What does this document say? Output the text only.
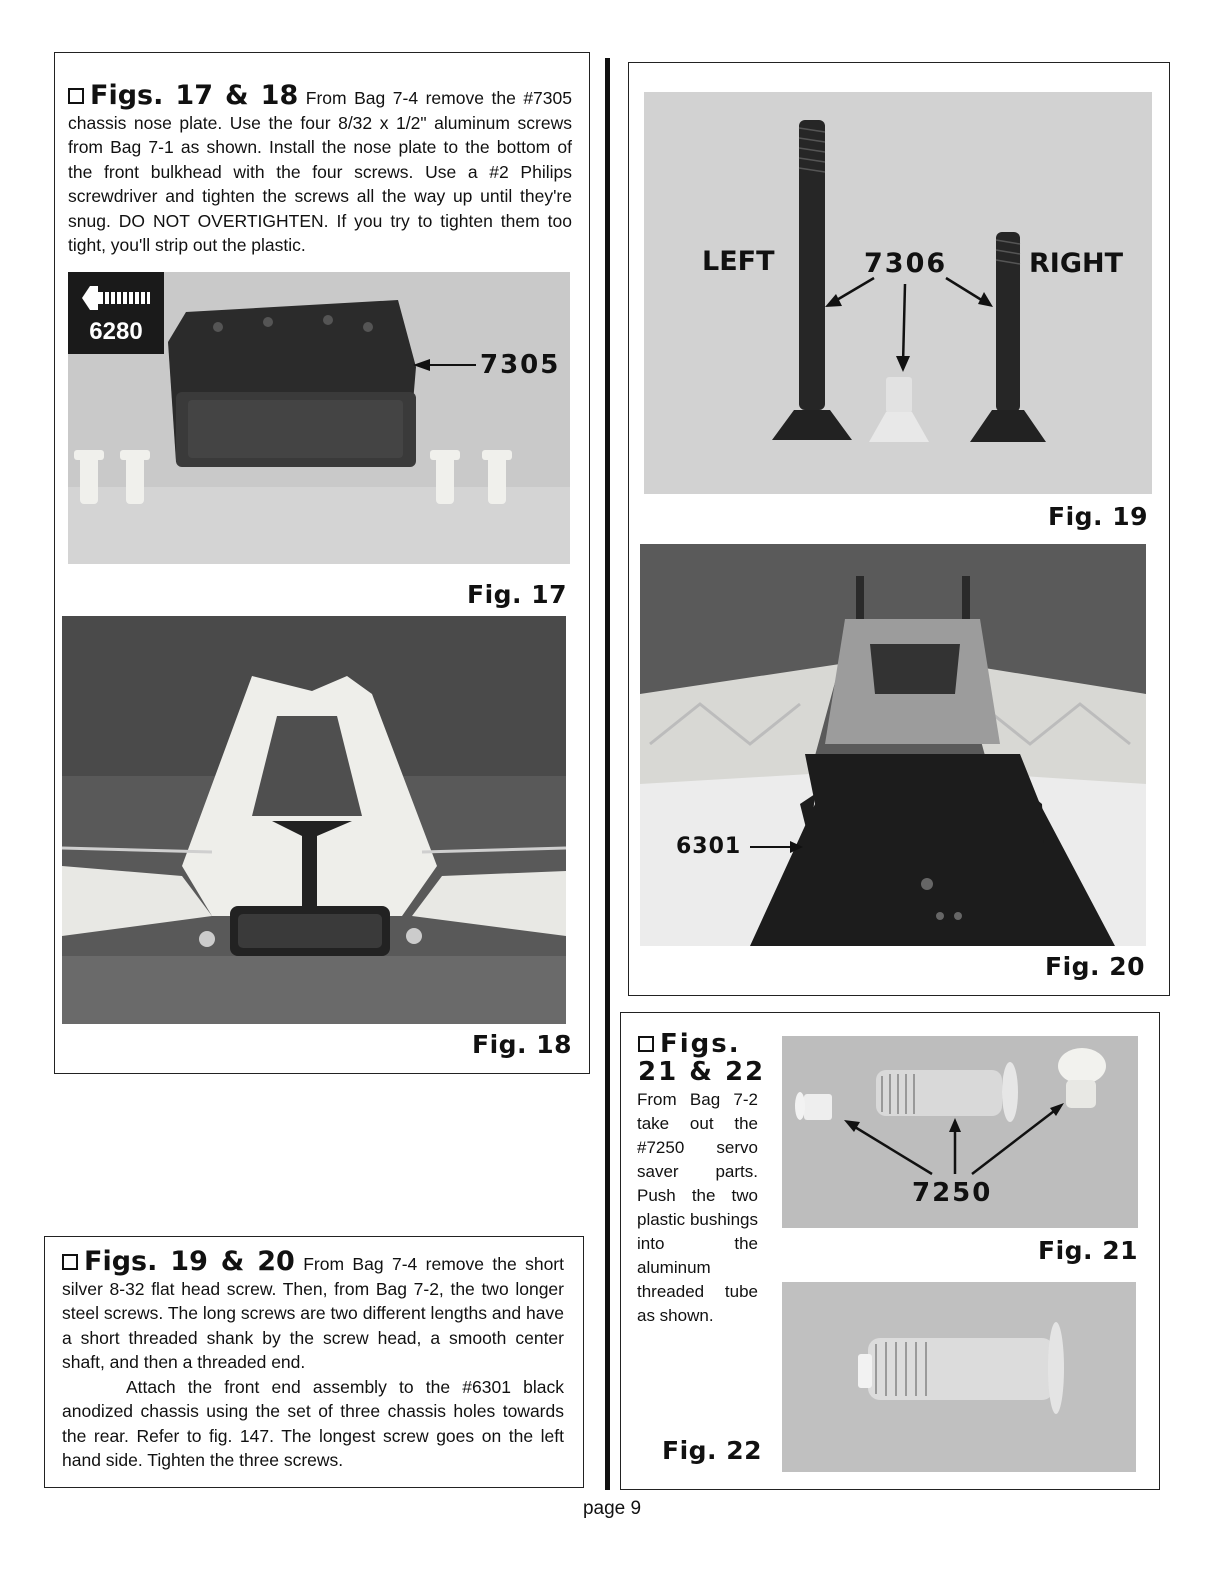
Figs. 17 & 18 From Bag 7-4 remove the #7305 chassis nose plate. Use the four 8/32 x 1/2" aluminum screws from Bag 7-1 as shown. Install the nose plate to the bottom of the front bulkhead with the four screws. Use a #2 Philips screwdriver and tighten the screws all the way up until they're snug. DO NOT OVERTIGHTEN. If you try to tighten them too tight, you'll strip out the plastic.
6280
7305
Fig. 17
Fig. 18
Figs. 19 & 20 From Bag 7-4 remove the short silver 8-32 flat head screw. Then, from Bag 7-2, the two longer steel screws. The long screws are two different lengths and have a short threaded shank by the screw head, a smooth center shaft, and then a threaded end.
Attach the front end assembly to the #6301 black anodized chassis using the set of three chassis holes towards the rear. Refer to fig. 147. The longest screw goes on the left hand side. Tighten the three screws.
LEFT	7306	RIGHT
Fig. 19
6301
Fig. 20
Figs.
21 & 22
From Bag 7-2 take out the #7250 servo saver parts. Push the two plastic bushings into the aluminum threaded tube as shown.
7250
Fig. 21
Fig. 22
page 9
